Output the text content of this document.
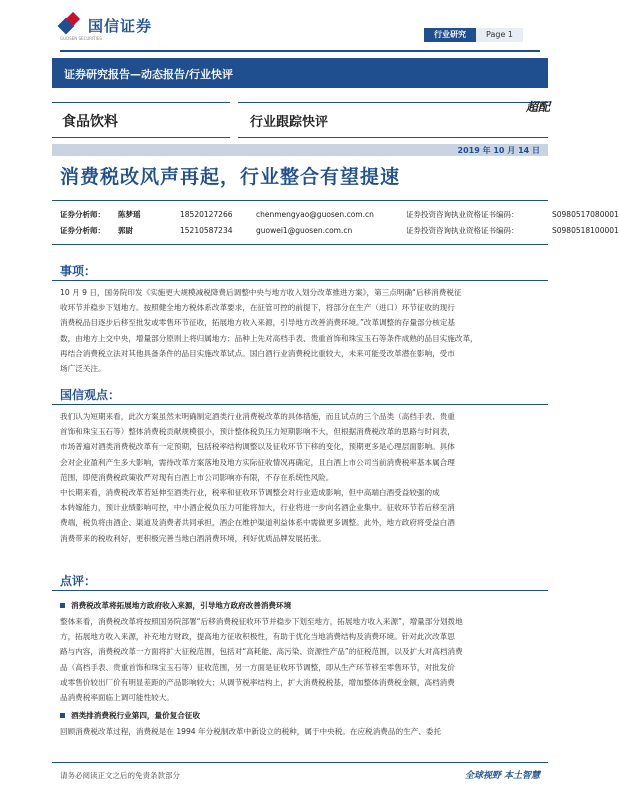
国信证券
GUOSEN SECURITIES	行业研究	Page 1
证券研究报告—动态报告/行业快评
食品饮料	行业跟踪快评
超配
2019 年 10 月 14 日
消费税改风声再起，行业整合有望提速
证券分析师：	陈梦瑶	18520127266	chenmengyao@guosen.com.cn	证券投资咨询执业资格证书编码：	S0980517080001
证券分析师：	郭尉	15210587234	guowei1@guosen.com.cn	证券投资咨询执业资格证书编码：	S0980518100001
事项：
10 月 9 日，国务院印发《实施更大规模减税降费后调整中央与地方收入划分改革推进方案》，第三点明确“后移消费税征
收环节并稳步下划地方。按照健全地方税体系改革要求，在征管可控的前提下，将部分在生产（进口）环节征收的现行
消费税品目逐步后移至批发或零售环节征收，拓展地方收入来源，引导地方改善消费环境。”改革调整的存量部分核定基
数，由地方上交中央，增量部分原则上将归属地方；品种上先对高档手表、贵重首饰和珠宝玉石等条件成熟的品目实施改革，
再结合消费税立法对其他具备条件的品目实施改革试点。国白酒行业消费税比重较大，未来可能受改革潜在影响，受市
场广泛关注。
国信观点：
我们认为短期来看，此次方案虽然未明确制定酒类行业消费税改革的具体措施，而且试点的三个品类（高档手表、贵重
首饰和珠宝玉石等）整体消费税贡献规模很小，预计整体税负压力短期影响不大，但根据消费税改革的思路与时间表，
市场普遍对酒类消费税改革有一定预期，包括税率结构调整以及征收环节下移的变化，预期更多是心理层面影响。具体
会对企业盈利产生多大影响，需待改革方案落地及地方实际征收情况再确定，且白酒上市公司当前消费税率基本属合理
范围，即使消费税政策收严对现有白酒上市公司影响亦有限，不存在系统性风险。
中长期来看，消费税改革若延伸至酒类行业，税率和征收环节调整会对行业造成影响，但中高端白酒受益较强的成
本转嫁能力，预计业绩影响可控，中小酒企税负压力可能将加大，行业将进一步向名酒企业集中。征收环节若后移至消
费端，税负将由酒企、渠道及消费者共同承担，酒企在维护渠道利益体系中需做更多调整。此外，地方政府将受益白酒
消费带来的税收利好，更积极完善当地白酒消费环境，利好优质品牌发展拓张。
点评：
消费税改革将拓展地方政府收入来源，引导地方政府改善消费环境
整体来看，消费税改革将按照国务院部署“后移消费税征收环节并稳步下划至地方，拓展地方收入来源”，增量部分划拨地
方，拓展地方收入来源，补充地方财政，提高地方征收积极性，有助于优化当地消费结构及消费环境。针对此次改革思
路与内容，消费税改革一方面将扩大征税范围，包括对“高耗能、高污染、资源性产品”的征税范围，以及扩大对高档消费
品（高档手表、贵重首饰和珠宝玉石等）征收范围，另一方面是征收环节调整，即从生产环节移至零售环节，对批发价
或零售价较出厂价有明显差距的产品影响较大；从调节税率结构上，扩大消费税税基，增加整体消费税金额，高档消费
品消费税率面临上调可能性较大。
酒类排消费税行业第四，量价复合征收
回顾消费税改革过程，消费税是在 1994 年分税制改革中新设立的税种，属于中央税。在应税消费品的生产、委托
请务必阅读正文之后的免责条款部分	全球视野 本土智慧
